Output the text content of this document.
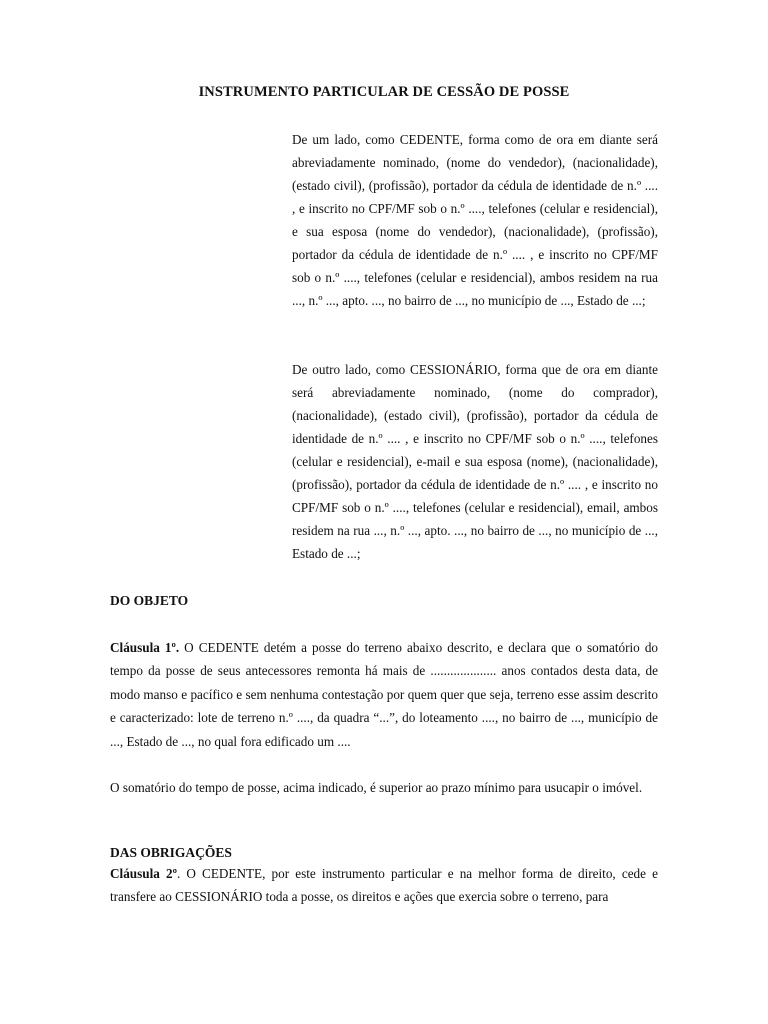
INSTRUMENTO PARTICULAR DE CESSÃO DE POSSE
De um lado, como CEDENTE, forma como de ora em diante será abreviadamente nominado, (nome do vendedor), (nacionalidade), (estado civil), (profissão), portador da cédula de identidade de n.º .... , e inscrito no CPF/MF sob o n.º ...., telefones (celular e residencial), e sua esposa (nome do vendedor), (nacionalidade), (profissão), portador da cédula de identidade de n.º .... , e inscrito no CPF/MF sob o n.º ...., telefones (celular e residencial), ambos residem na rua ..., n.º ..., apto. ..., no bairro de ..., no município de ..., Estado de ...;
De outro lado, como CESSIONÁRIO, forma que de ora em diante será abreviadamente nominado, (nome do comprador), (nacionalidade), (estado civil), (profissão), portador da cédula de identidade de n.º .... , e inscrito no CPF/MF sob o n.º ...., telefones (celular e residencial), e-mail e sua esposa (nome), (nacionalidade), (profissão), portador da cédula de identidade de n.º .... , e inscrito no CPF/MF sob o n.º ...., telefones (celular e residencial), email, ambos residem na rua ..., n.º ..., apto. ..., no bairro de ..., no município de ..., Estado de ...;
DO OBJETO
Cláusula 1º. O CEDENTE detém a posse do terreno abaixo descrito, e declara que o somatório do tempo da posse de seus antecessores remonta há mais de .................... anos contados desta data, de modo manso e pacífico e sem nenhuma contestação por quem quer que seja, terreno esse assim descrito e caracterizado: lote de terreno n.º ...., da quadra “...”, do loteamento ...., no bairro de ..., município de ..., Estado de ..., no qual fora edificado um ....
O somatório do tempo de posse, acima indicado, é superior ao prazo mínimo para usucapir o imóvel.
DAS OBRIGAÇÕES
Cláusula 2º. O CEDENTE, por este instrumento particular e na melhor forma de direito, cede e transfere ao CESSIONÁRIO toda a posse, os direitos e ações que exercia sobre o terreno, para
